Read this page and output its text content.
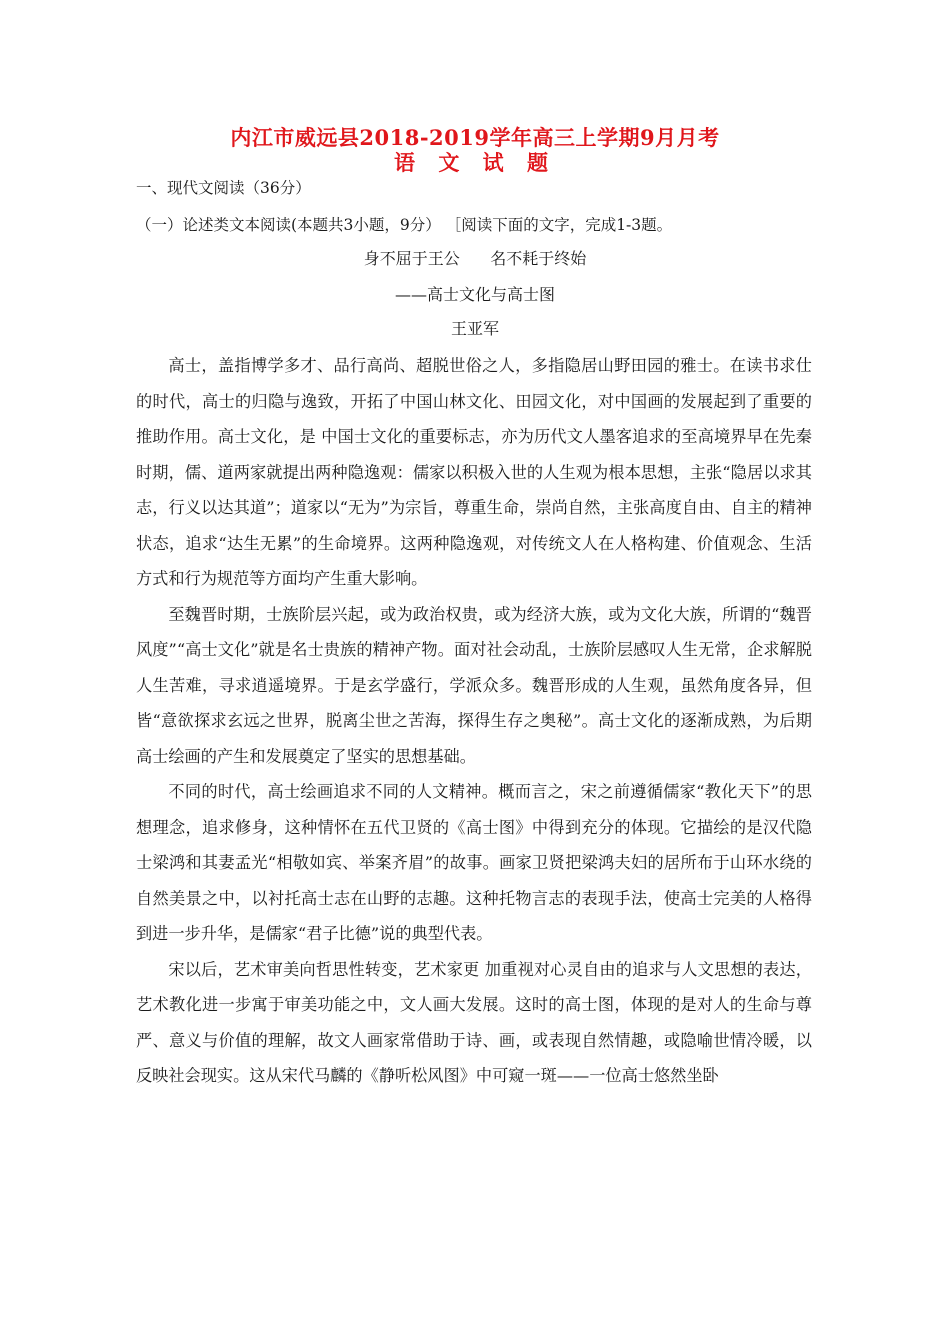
内江市威远县2018-2019学年高三上学期9月月考
语 文 试 题
一、现代文阅读（36分）
（一）论述类文本阅读(本题共3小题，9分） ［阅读下面的文字，完成1-3题。
身不屈于王公      名不耗于终始
——高士文化与高士图
王亚军

高士，盖指博学多才、品行高尚、超脱世俗之人，多指隐居山野田园的雅士。在读书求仕的时代，高士的归隐与逸致，开拓了中国山林文化、田园文化，对中国画的发展起到了重要的推助作用。高士文化，是 中国士文化的重要标志，亦为历代文人墨客追求的至高境界早在先秦时期，儒、道两家就提出两种隐逸观：儒家以积极入世的人生观为根本思想，主张“隐居以求其志，行义以达其道”；道家以“无为”为宗旨，尊重生命，崇尚自然，主张高度自由、自主的精神状态，追求“达生无累”的生命境界。这两种隐逸观，对传统文人在人格构建、价值观念、生活方式和行为规范等方面均产生重大影响。

至魏晋时期，士族阶层兴起，或为政治权贵，或为经济大族，或为文化大族，所谓的“魏晋风度”“高士文化”就是名士贵族的精神产物。面对社会动乱，士族阶层感叹人生无常，企求解脱人生苦难，寻求逍遥境界。于是玄学盛行，学派众多。魏晋形成的人生观，虽然角度各异，但皆“意欲探求玄远之世界，脱离尘世之苦海，探得生存之奥秘”。高士文化的逐渐成熟，为后期高士绘画的产生和发展奠定了坚实的思想基础。

不同的时代，高士绘画追求不同的人文精神。概而言之，宋之前遵循儒家“教化天下”的思想理念，追求修身，这种情怀在五代卫贤的《高士图》中得到充分的体现。它描绘的是汉代隐士梁鸿和其妻孟光“相敬如宾、举案齐眉”的故事。画家卫贤把梁鸿夫妇的居所布于山环水绕的自然美景之中，以衬托高士志在山野的志趣。这种托物言志的表现手法，使高士完美的人格得到进一步升华，是儒家“君子比德”说的典型代表。

宋以后，艺术审美向哲思性转变，艺术家更 加重视对心灵自由的追求与人文思想的表达，艺术教化进一步寓于审美功能之中，文人画大发展。这时的高士图，体现的是对人的生命与尊严、意义与价值的理解，故文人画家常借助于诗、画，或表现自然情趣，或隐喻世情冷暖，以反映社会现实。这从宋代马麟的《静听松风图》中可窥一斑——一位高士悠然坐卧
